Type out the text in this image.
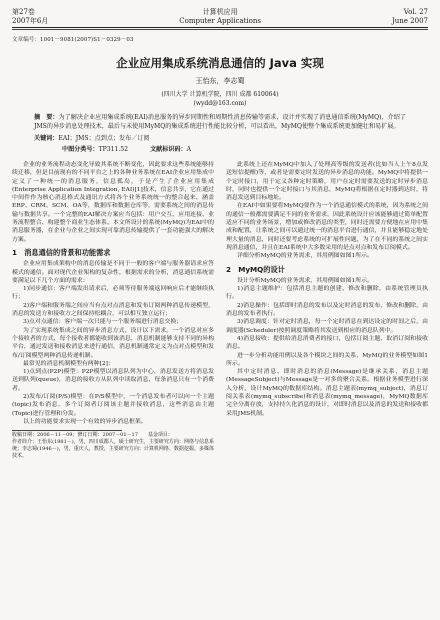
第27卷
2007年6月
计算机应用
Computer Applications
Vol. 27
June 2007
文章编号：1001－9081(2007)S1－0329－03
企业应用集成系统消息通信的 Java 实现
王怡东，李志蜀
(四川大学 计算机学院，四川 成都 610064)
(wydd@163.com)
摘　要：为了解决企业应用集成系统(EAI)消息服务的异步同期性和周期性消息传输等需求，设计并实现了消息通信系统(MyMQ)，介绍了JMS的异步消息处理技术，最后与未使用MyMQ的集成系统进行性能比较分析，可以看出，MyMQ使整个集成系统更加健壮和易扩展。
关键词：EAI；JMS；点到点；发布／订阅
中图分类号：TP311.52	文献标识码：A

企业的业务流程动态变化导致其系统不断变化，因此要求这些系统能够持续迁移，但是目前现有的不同平台之上的各种业务系统在EAI企业应用集成中定义了一种统一的消息服务，信息孤岛，于是产生了企业应用集成(Enterprise Application Integration, EAI)[1]技术，信息共享，它在通过中间件作为核心消息格式及通讯方式将各个业务系统统一的整合起来，涵盖ERP、CRM、SCM、OA等，数据库和数据仓库等，需要系统之间的消息传输与数据共享。一个完整的EAI解决方案应当包括：用户交互、应用连接、业务流程整合、构建整个商业生态体系。本文所设计的系统(MyMQ)为EAI中的消息服务器，在企业与企业之间实现可靠消息传输提供了一套功能强大的解决方案。

1　消息通信的背景和功能需求

企业应用集成架构中的消息传输是不同于一般的客户端与服务器请求应答模式的通信。面对现代企业架构的复杂性，根据需求的分析，消息通信系统需要满足以下几个方面的需求：

1)同步通信：客户端发出请求后，必须等待服务端返回响应后才能继续执行；

2)客户端和服务端之间应当有点对点消息和发布订阅两种消息传递模型，消息的发送方和接收方之间保持松耦合，可以相互独立运行；

3)点对点通信：客户端一次只能与一个服务端进行消息交换；

为了实现系统集成之间的异步消息方式，设计以下需求。一个消息对应多个接收者的方式，每个接收者都能收到该消息，消息机制能够支持不同的异构平台，通过发送和接收消息来进行通信，消息机制通常定义为点对点模型和发布/订阅模型两种消息传递机制。

最常见的消息机制模型有两种[2]：

1)点到点(P2P)模型：P2P模型以消息队列为中心，消息发送方将消息发送到队列(queue)，消息的接收方从队列中读取消息，每条消息只有一个消费者。

2)发布/订阅(P/S)模型：在P/S模型中，一个消息发布者可以向一个主题(topic)发布消息，多个订阅者订阅该主题并接收消息，这些消息由主题(Topic)进行管理和分发。

以上的功能要求实现一个有效的异步消息框架。

收稿日期：2006－11－09；修订日期：2007－01－17　　基金项目：
作者简介：王怡东(1981－)，男，四川成都人，硕士研究生，主要研究方向：网络与信息系统；李志蜀(1946－)，男，重庆人，教授，主要研究方向：计算机网络、数据挖掘、多媒体技术。

此系统上还在MyMQ中加入了处理高等级的发送者(比如当人上午8点发送短信提醒)等，或者是需要定时发送的异步消息的功能。MyMQ中将提供一个定时接口，用于定义各种定时策略，用户在定时需要发送的定时异步消息时，同时也提供一个定时接口与其消息，MyMQ将根据在定时器到达时，将消息发送到目标地址。

在EAI中如果要将MyMQ要作为一个消息通信模式的系统，因为系统之间的通信一般都需要满足不同的业务需求，因此系统设计应该能够通过简单配置适应不同的业务场景，增加或修改消息的类型，同时还需要方便地在应用中集成和配置，让系统之间可以通过统一的消息平台进行通信，并且能够稳定地处理大量的消息，同时还要考虑系统的可扩展性问题，为了在不同的系统之间实现消息通信，并且在EAI系统中大多数采用的是点对点和发布订阅模式。

详细分析MyMQ的业务需求，其用例图如图1所示。

2　MyMQ的设计

设计分析MyMQ的业务需求，其用例图如图1所示。

1)消息主题维护：包括消息主题的创建、修改和删除，由系统管理员执行。

2)消息操作：包括即时消息的发布以及定时消息的发布，修改和删除，由消息的发布者执行。

3)消息调度：针对定时消息，每一个定时消息在到达设定的时间之后，由调度器(Scheduler)按照调度策略将其发送到相应的消息队列中。

4)消息接收：提供给消息消费者的接口，包括订阅主题、取消订阅和接收消息。

进一步分析功能用例以及各个模块之间的关系，MyMQ的业务模型如图1所示。

其中定时消息、即时消息的消息(Message)是继承关系，消息主题(MessageSubject)与Message是一对多的聚合关系。根据业务模型进行深入分析，设计MyMQ的数据库结构。消息主题表(mymq_subject)，消息订阅关系表(mymq_subscribe)和消息表(mymq_message)，MyMQ数据库完全分离存放，支持持久化消息的设计，对即时消息以及消息的发送和接收都采用JMS机制。
